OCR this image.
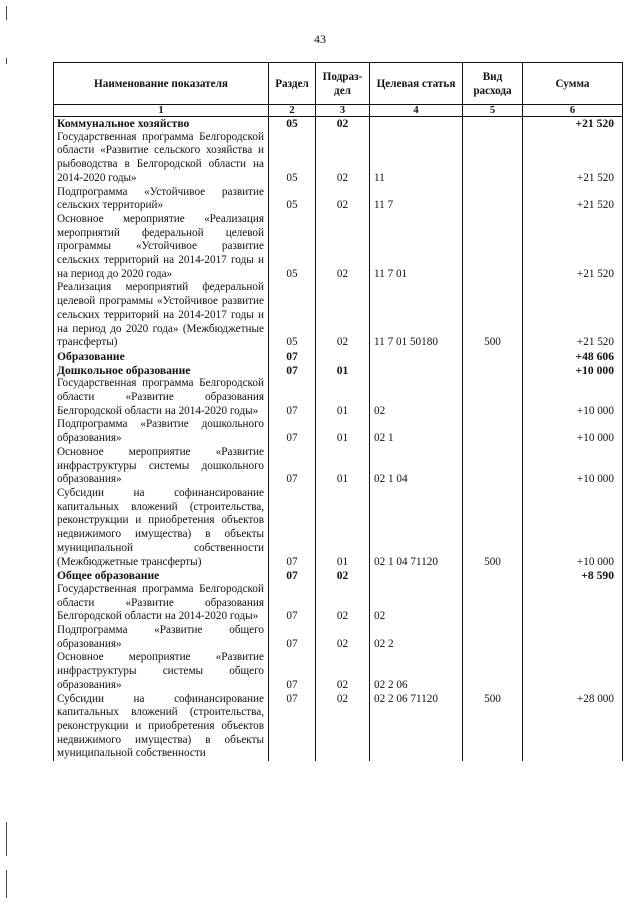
43
Наименование показателя	Раздел	Подраз-дел	Целевая статья	Вид расхода	Сумма
1	2	3	4	5	6
Коммунальное хозяйство	05	02			+21 520
Государственная программа Белгородской области «Развитие сельского хозяйства и рыбоводства в Белгородской области на 2014-2020 годы»	05	02	11		+21 520
Подпрограмма «Устойчивое развитие сельских территорий»	05	02	11 7		+21 520
Основное мероприятие «Реализация мероприятий федеральной целевой программы «Устойчивое развитие сельских территорий на 2014-2017 годы и на период до 2020 года»	05	02	11 7 01		+21 520
Реализация мероприятий федеральной целевой программы «Устойчивое развитие сельских территорий на 2014-2017 годы и на период до 2020 года» (Межбюджетные трансферты)	05	02	11 7 01 50180	500	+21 520
Образование	07				+48 606
Дошкольное образование	07	01			+10 000
Государственная программа Белгородской области «Развитие образования Белгородской области на 2014-2020 годы»	07	01	02		+10 000
Подпрограмма «Развитие дошкольного образования»	07	01	02 1		+10 000
Основное мероприятие «Развитие инфраструктуры системы дошкольного образования»	07	01	02 1 04		+10 000
Субсидии на софинансирование капитальных вложений (строительства, реконструкции и приобретения объектов недвижимого имущества) в объекты муниципальной собственности (Межбюджетные трансферты)	07	01	02 1 04 71120	500	+10 000
Общее образование	07	02			+8 590
Государственная программа Белгородской области «Развитие образования Белгородской области на 2014-2020 годы»	07	02	02		
Подпрограмма «Развитие общего образования»	07	02	02 2		
Основное мероприятие «Развитие инфраструктуры системы общего образования»	07	02	02 2 06		
Субсидии на софинансирование капитальных вложений (строительства, реконструкции и приобретения объектов недвижимого имущества) в объекты муниципальной собственности	07	02	02 2 06 71120	500	+28 000
